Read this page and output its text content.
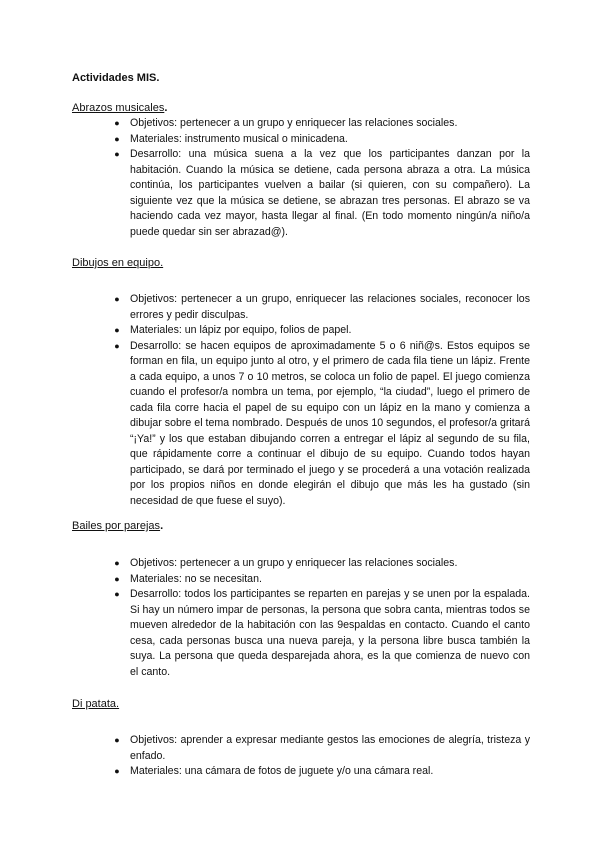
Actividades MIS.

Abrazos musicales.

● Objetivos: pertenecer a un grupo y enriquecer las relaciones sociales.
● Materiales: instrumento musical o minicadena.
● Desarrollo: una música suena a la vez que los participantes danzan por la habitación. Cuando la música se detiene, cada persona abraza a otra. La música continúa, los participantes vuelven a bailar (si quieren, con su compañero). La siguiente vez que la música se detiene, se abrazan tres personas. El abrazo se va haciendo cada vez mayor, hasta llegar al final. (En todo momento ningún/a niño/a puede quedar sin ser abrazad@).

Dibujos en equipo.

● Objetivos: pertenecer a un grupo, enriquecer las relaciones sociales, reconocer los errores y pedir disculpas.
● Materiales: un lápiz por equipo, folios de papel.
● Desarrollo: se hacen equipos de aproximadamente 5 o 6 niñ@s. Estos equipos se forman en fila, un equipo junto al otro, y el primero de cada fila tiene un lápiz. Frente a cada equipo, a unos 7 o 10 metros, se coloca un folio de papel. El juego comienza cuando el profesor/a nombra un tema, por ejemplo, “la ciudad”, luego el primero de cada fila corre hacia el papel de su equipo con un lápiz en la mano y comienza a dibujar sobre el tema nombrado. Después de unos 10 segundos, el profesor/a gritará “¡Ya!” y los que estaban dibujando corren a entregar el lápiz al segundo de su fila, que rápidamente corre a continuar el dibujo de su equipo. Cuando todos hayan participado, se dará por terminado el juego y se procederá a una votación realizada por los propios niños en donde elegirán el dibujo que más les ha gustado (sin necesidad de que fuese el suyo).

Bailes por parejas.

● Objetivos: pertenecer a un grupo y enriquecer las relaciones sociales.
● Materiales: no se necesitan.
● Desarrollo: todos los participantes se reparten en parejas y se unen por la espalada. Si hay un número impar de personas, la persona que sobra canta, mientras todos se mueven alrededor de la habitación con las 9espaldas en contacto. Cuando el canto cesa, cada personas busca una nueva pareja, y la persona libre busca también la suya. La persona que queda desparejada ahora, es la que comienza de nuevo con el canto.

Di patata.

● Objetivos: aprender a expresar mediante gestos las emociones de alegría, tristeza y enfado.
● Materiales: una cámara de fotos de juguete y/o una cámara real.
